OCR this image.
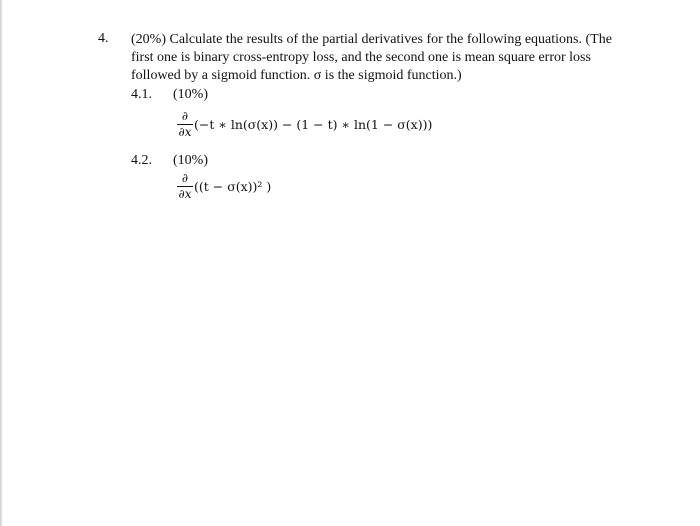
4. (20%) Calculate the results of the partial derivatives for the following equations. (The first one is binary cross-entropy loss, and the second one is mean square error loss followed by a sigmoid function. σ is the sigmoid function.)
4.1. (10%)
$\frac{\partial}{\partial x} (-t$ ∗ ln(σ(x)) − (1 − t) ∗ ln(1 − σ(x)))
4.2. (10%)
$\frac{\partial}{\partial x} ((t - \sigma(x))^2$ )
